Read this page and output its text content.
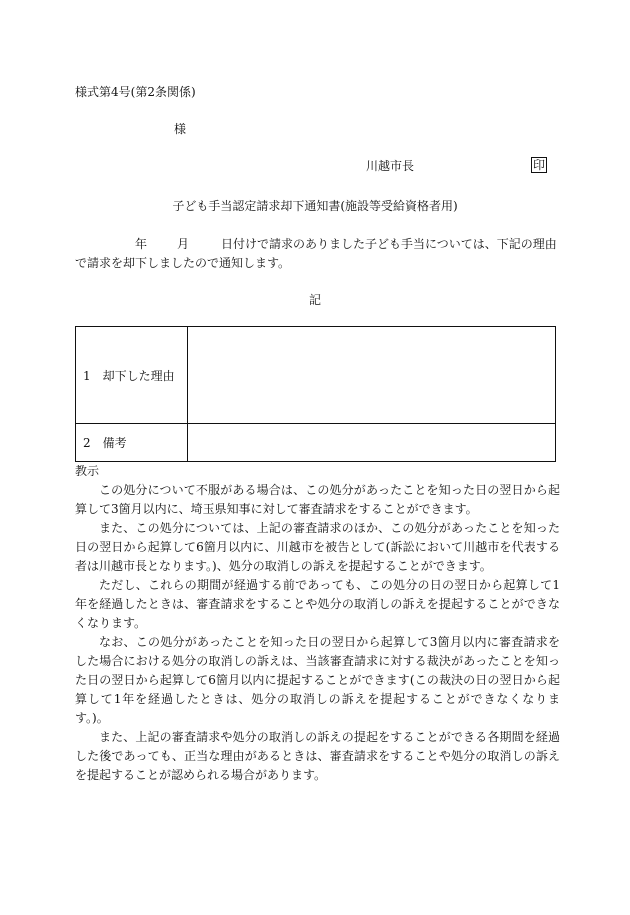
様式第4号(第2条関係)
様
川越市長	印
子ども手当認定請求却下通知書(施設等受給資格者用)
年	月	日付けで請求のありました子ども手当については、下記の理由で請求を却下しましたので通知します。
記
1　却下した理由	
2　備考	
教示

この処分について不服がある場合は、この処分があったことを知った日の翌日から起算して3箇月以内に、埼玉県知事に対して審査請求をすることができます。

また、この処分については、上記の審査請求のほか、この処分があったことを知った日の翌日から起算して6箇月以内に、川越市を被告として(訴訟において川越市を代表する者は川越市長となります。)、処分の取消しの訴えを提起することができます。

ただし、これらの期間が経過する前であっても、この処分の日の翌日から起算して1年を経過したときは、審査請求をすることや処分の取消しの訴えを提起することができなくなります。

なお、この処分があったことを知った日の翌日から起算して3箇月以内に審査請求をした場合における処分の取消しの訴えは、当該審査請求に対する裁決があったことを知った日の翌日から起算して6箇月以内に提起することができます(この裁決の日の翌日から起算して1年を経過したときは、処分の取消しの訴えを提起することができなくなります。)。

また、上記の審査請求や処分の取消しの訴えの提起をすることができる各期間を経過した後であっても、正当な理由があるときは、審査請求をすることや処分の取消しの訴えを提起することが認められる場合があります。
